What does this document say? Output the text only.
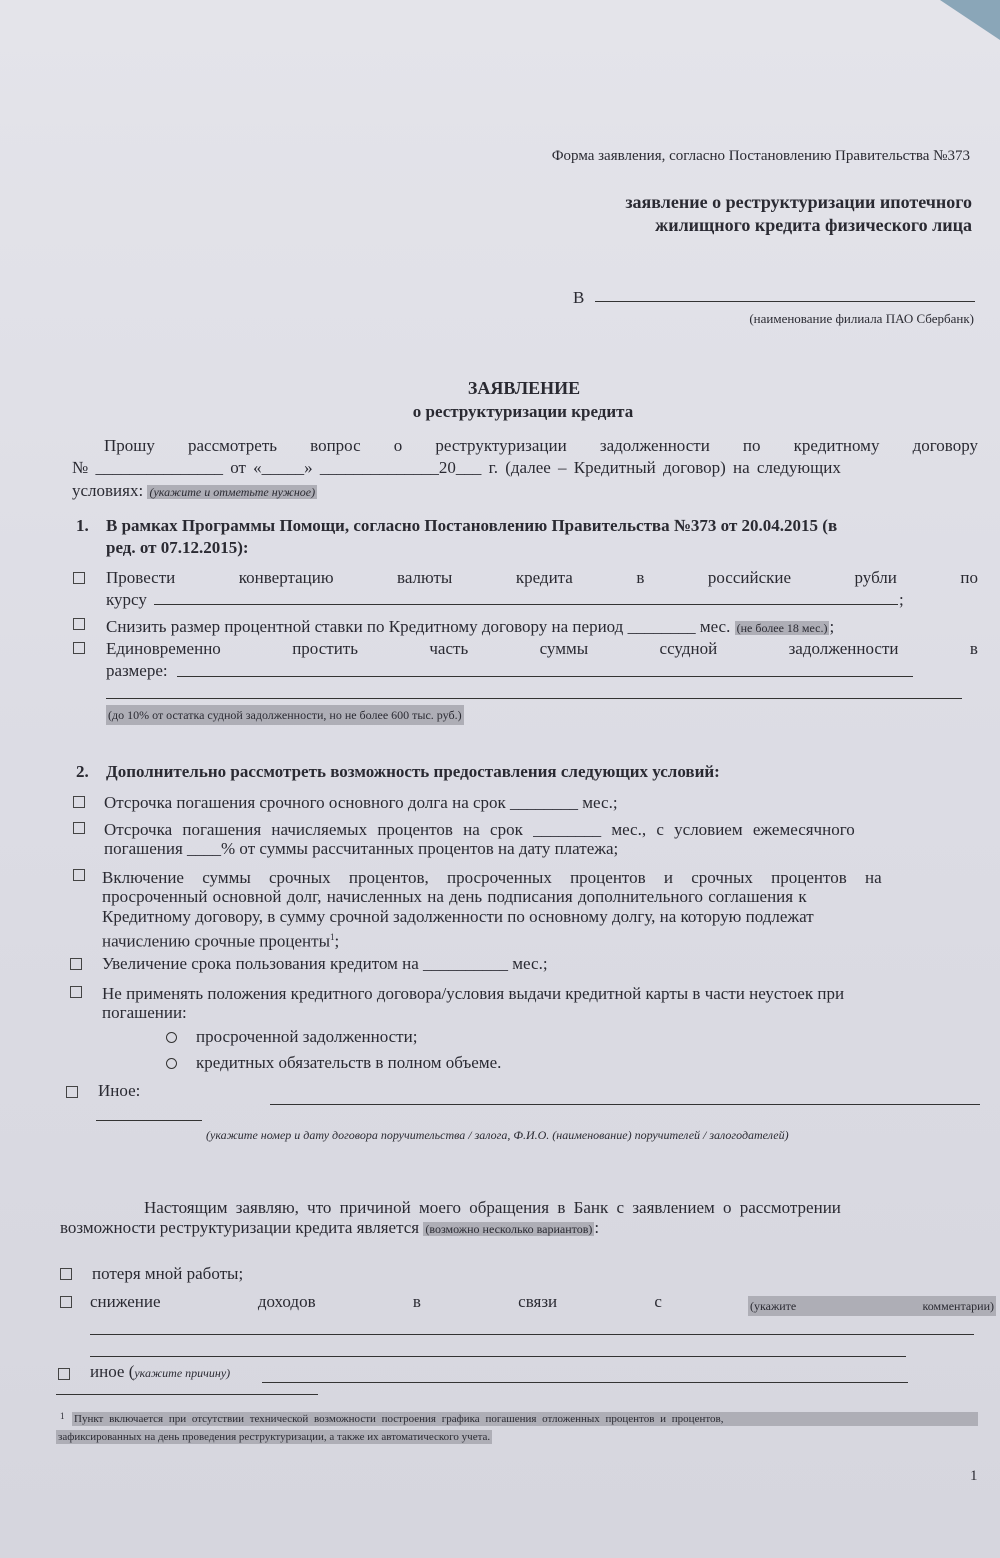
Форма заявления, согласно Постановлению Правительства №373
заявление о реструктуризации ипотечного
жилищного кредита физического лица
В
(наименование филиала ПАО Сбербанк)
ЗАЯВЛЕНИЕ
о реструктуризации кредита
Прошу рассмотреть вопрос о реструктуризации задолженности по кредитному договору
№ _______________ от «_____» ______________20___ г. (далее – Кредитный договор) на следующих
условиях: (укажите и отметьте нужное)
1. В рамках Программы Помощи, согласно Постановлению Правительства №373 от 20.04.2015 (в
ред. от 07.12.2015):
Провести	конвертацию	валюты	кредита	в	российские	рубли	по
курсу	;
Снизить размер процентной ставки по Кредитному договору на период ________ мес. (не более 18 мес.) ;
Единовременно	простить	часть	суммы	ссудной	задолженности	в
размере:
(до 10% от остатка судной задолженности, но не более 600 тыс. руб.)
2. Дополнительно рассмотреть возможность предоставления следующих условий:
Отсрочка погашения срочного основного долга на срок ________ мес.;
Отсрочка погашения начисляемых процентов на срок ________ мес., с условием ежемесячного
погашения ____% от суммы рассчитанных процентов на дату платежа;
Включение суммы срочных процентов, просроченных процентов и срочных процентов на
просроченный основной долг, начисленных на день подписания дополнительного соглашения к
Кредитному договору, в сумму срочной задолженности по основному долгу, на которую подлежат
начислению срочные проценты$^1$;
Увеличение срока пользования кредитом на __________ мес.;
Не применять положения кредитного договора/условия выдачи кредитной карты в части неустоек при
погашении:
просроченной задолженности;
кредитных обязательств в полном объеме.
Иное:
(укажите номер и дату договора поручительства / залога, Ф.И.О. (наименование) поручителей / залогодателей)
Настоящим заявляю, что причиной моего обращения в Банк с заявлением о рассмотрении
возможности реструктуризации кредита является (возможно несколько вариантов) :
потеря мной работы;
снижение	доходов	в	связи	с	(укажите	комментарии)
иное (укажите причину)
1 Пункт включается при отсутствии технической возможности построения графика погашения отложенных процентов и процентов,
зафиксированных на день проведения реструктуризации, а также их автоматического учета.
1
